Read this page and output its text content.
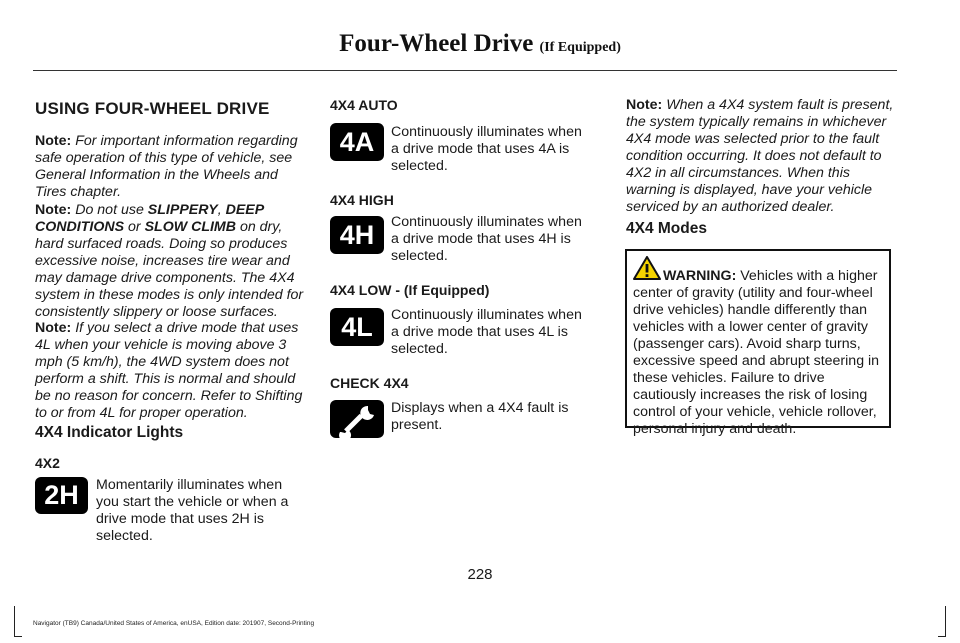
Four-Wheel Drive (If Equipped)
USING FOUR-WHEEL DRIVE
Note: For important information regarding safe operation of this type of vehicle, see General Information in the Wheels and Tires chapter.
Note: Do not use SLIPPERY, DEEP CONDITIONS or SLOW CLIMB on dry, hard surfaced roads. Doing so produces excessive noise, increases tire wear and may damage drive components. The 4X4 system in these modes is only intended for consistently slippery or loose surfaces.
Note: If you select a drive mode that uses 4L when your vehicle is moving above 3 mph (5 km/h), the 4WD system does not perform a shift. This is normal and should be no reason for concern. Refer to Shifting to or from 4L for proper operation.
4X4 Indicator Lights
4X2
2H	Momentarily illuminates when you start the vehicle or when a drive mode that uses 2H is selected.
4X4 AUTO
4A	Continuously illuminates when a drive mode that uses 4A is selected.
4X4 HIGH
4H	Continuously illuminates when a drive mode that uses 4H is selected.
4X4 LOW - (If Equipped)
4L	Continuously illuminates when a drive mode that uses 4L is selected.
CHECK 4X4
Displays when a 4X4 fault is present.
Note: When a 4X4 system fault is present, the system typically remains in whichever 4X4 mode was selected prior to the fault condition occurring. It does not default to 4X2 in all circumstances. When this warning is displayed, have your vehicle serviced by an authorized dealer.
4X4 Modes
WARNING: Vehicles with a higher center of gravity (utility and four-wheel drive vehicles) handle differently than vehicles with a lower center of gravity (passenger cars). Avoid sharp turns, excessive speed and abrupt steering in these vehicles. Failure to drive cautiously increases the risk of losing control of your vehicle, vehicle rollover, personal injury and death.
228
Navigator (TB9) Canada/United States of America, enUSA, Edition date: 201907, Second-Printing
